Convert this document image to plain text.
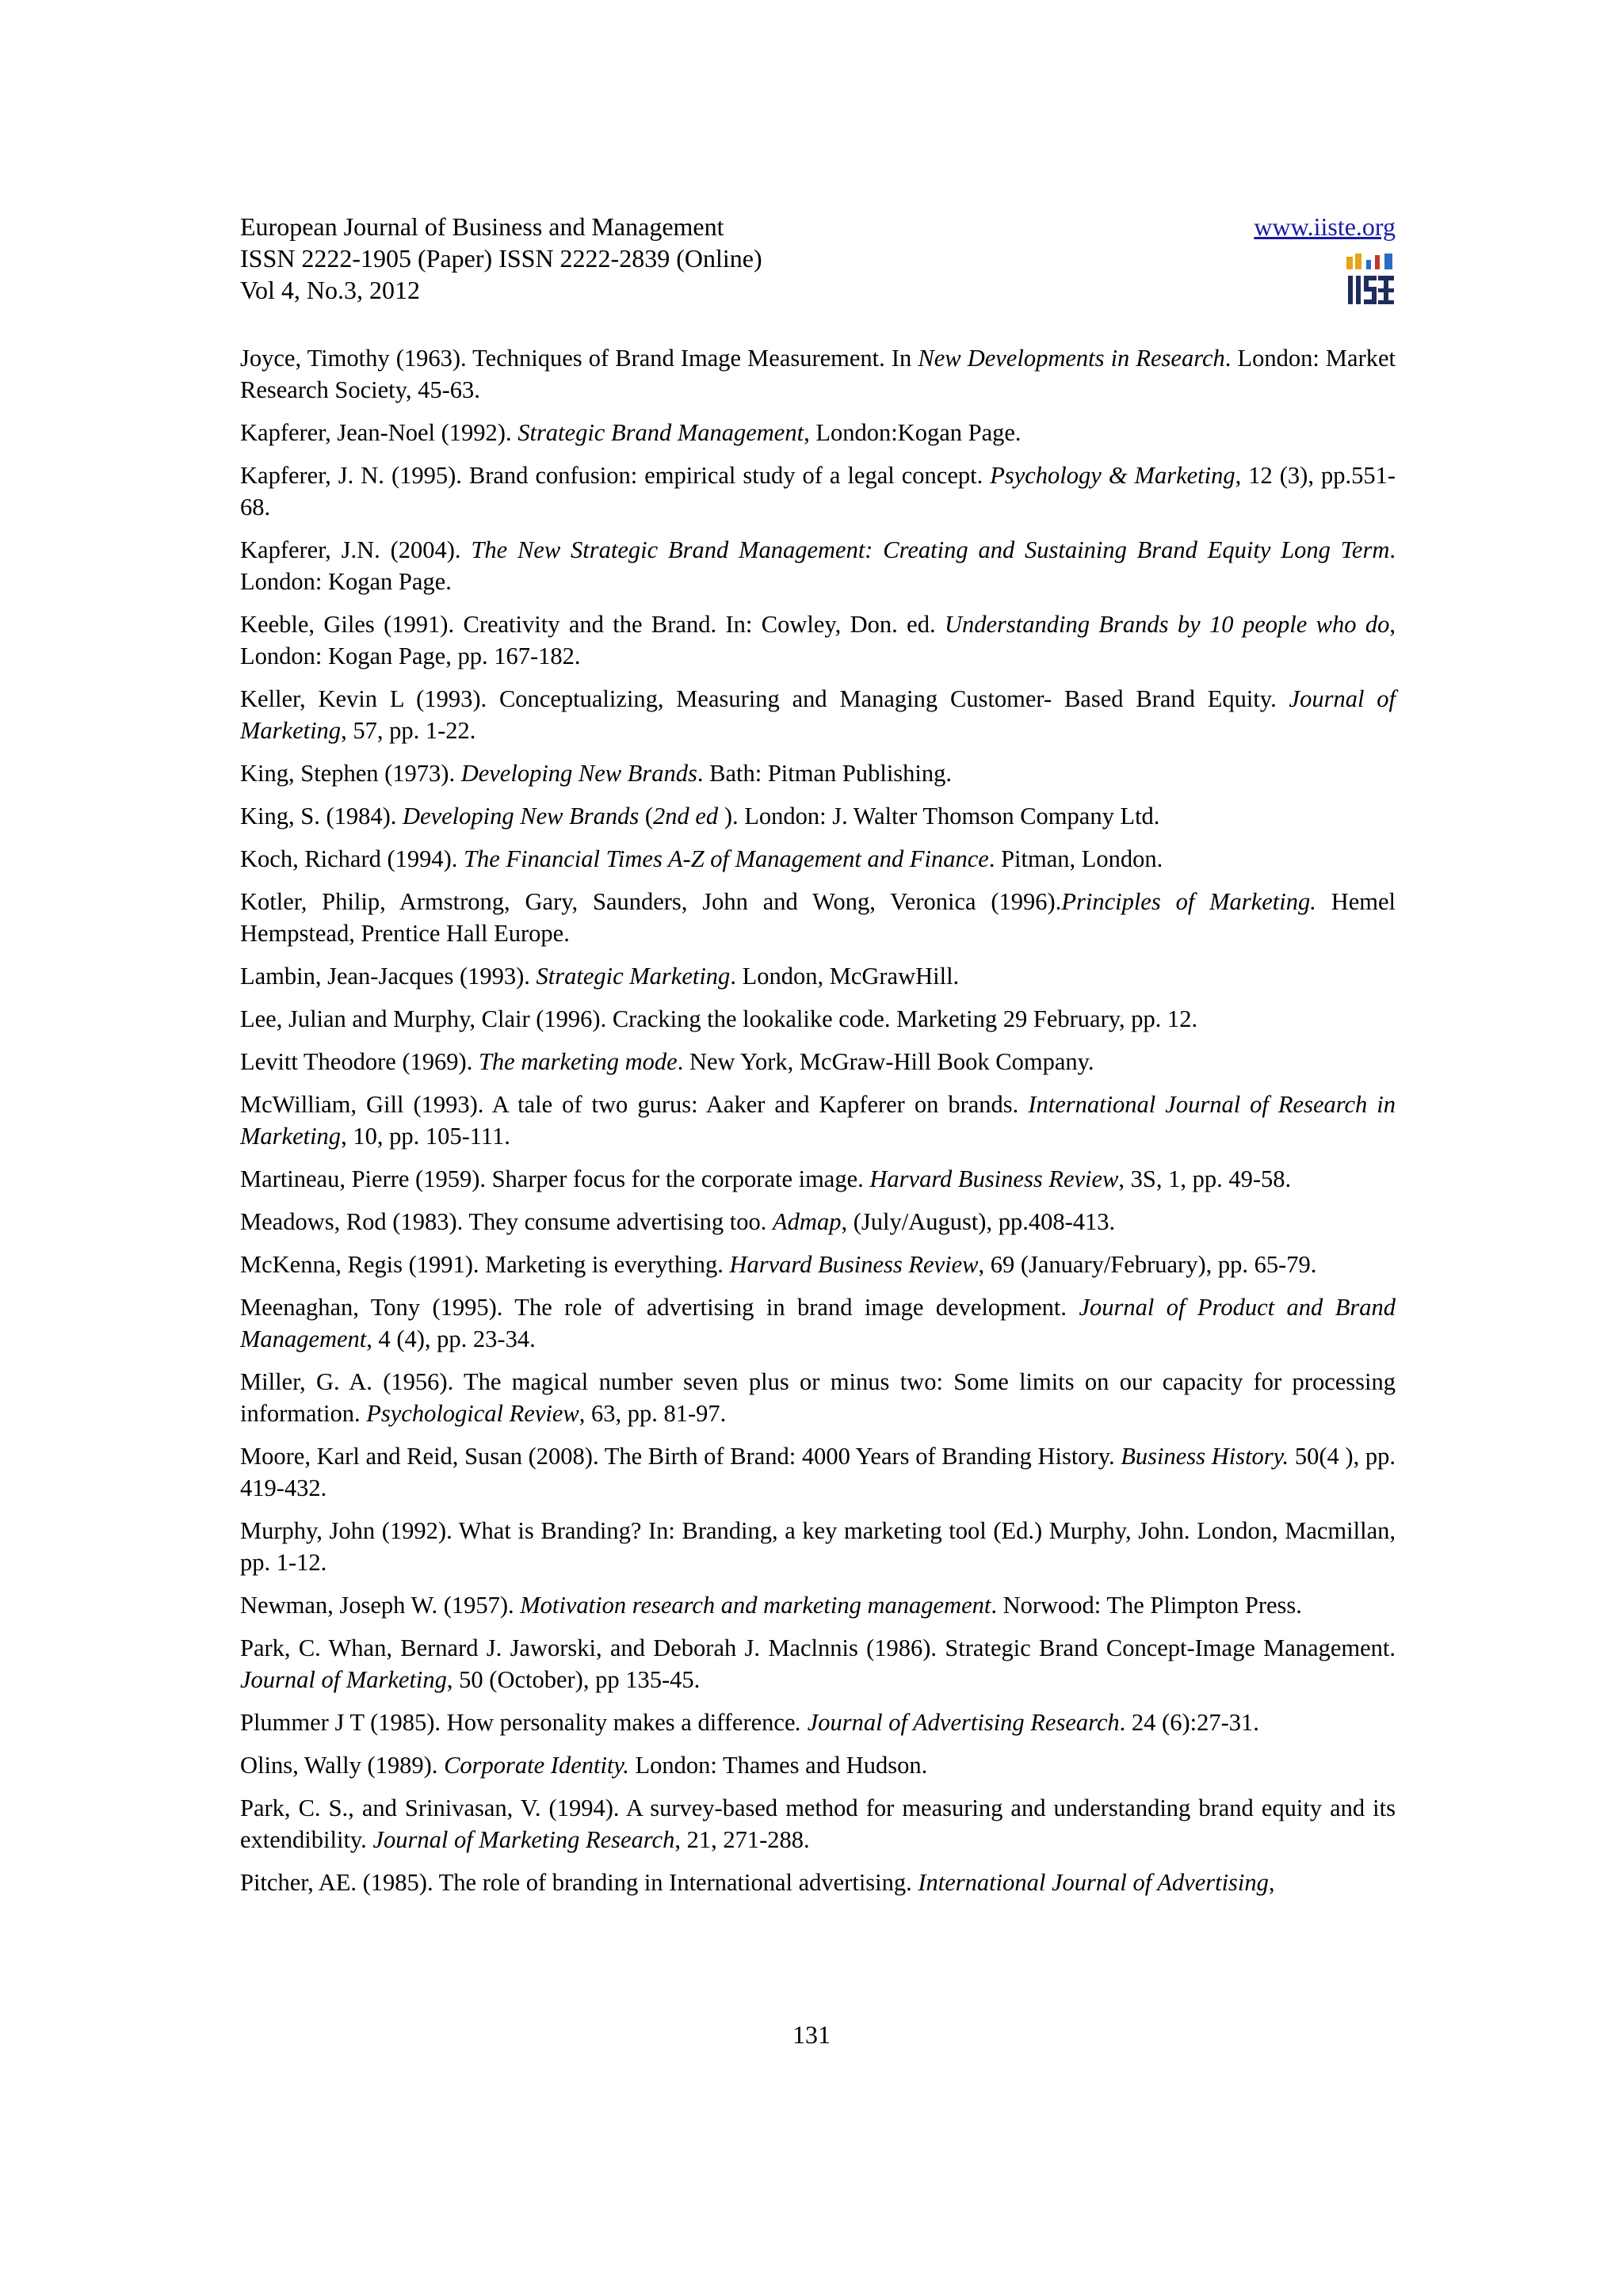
European Journal of Business and Management
ISSN 2222-1905 (Paper) ISSN 2222-2839 (Online)
Vol 4, No.3, 2012
www.iiste.org

Joyce, Timothy (1963). Techniques of Brand Image Measurement. In New Developments in Research. London: Market Research Society, 45-63.

Kapferer, Jean-Noel (1992). Strategic Brand Management, London:Kogan Page.

Kapferer, J. N. (1995). Brand confusion: empirical study of a legal concept. Psychology & Marketing, 12 (3), pp.551-68.

Kapferer, J.N. (2004). The New Strategic Brand Management: Creating and Sustaining Brand Equity Long Term. London: Kogan Page.

Keeble, Giles (1991). Creativity and the Brand. In: Cowley, Don. ed. Understanding Brands by 10 people who do, London: Kogan Page, pp. 167-182.

Keller, Kevin L (1993). Conceptualizing, Measuring and Managing Customer- Based Brand Equity. Journal of Marketing, 57, pp. 1-22.

King, Stephen (1973). Developing New Brands. Bath: Pitman Publishing.

King, S. (1984). Developing New Brands (2nd ed ). London: J. Walter Thomson Company Ltd.

Koch, Richard (1994). The Financial Times A-Z of Management and Finance. Pitman, London.

Kotler, Philip, Armstrong, Gary, Saunders, John and Wong, Veronica (1996).Principles of Marketing. Hemel Hempstead, Prentice Hall Europe.

Lambin, Jean-Jacques (1993). Strategic Marketing. London, McGrawHill.

Lee, Julian and Murphy, Clair (1996). Cracking the lookalike code. Marketing 29 February, pp. 12.

Levitt Theodore (1969). The marketing mode. New York, McGraw-Hill Book Company.

McWilliam, Gill (1993). A tale of two gurus: Aaker and Kapferer on brands. International Journal of Research in Marketing, 10, pp. 105-111.

Martineau, Pierre (1959). Sharper focus for the corporate image. Harvard Business Review, 3S, 1, pp. 49-58.

Meadows, Rod (1983). They consume advertising too. Admap, (July/August), pp.408-413.

McKenna, Regis (1991). Marketing is everything. Harvard Business Review, 69 (January/February), pp. 65-79.

Meenaghan, Tony (1995). The role of advertising in brand image development. Journal of Product and Brand Management, 4 (4), pp. 23-34.

Miller, G. A. (1956). The magical number seven plus or minus two: Some limits on our capacity for processing information. Psychological Review, 63, pp. 81-97.

Moore, Karl and Reid, Susan (2008). The Birth of Brand: 4000 Years of Branding History. Business History. 50(4 ), pp. 419-432.

Murphy, John (1992). What is Branding? In: Branding, a key marketing tool (Ed.) Murphy, John. London, Macmillan, pp. 1-12.

Newman, Joseph W. (1957). Motivation research and marketing management. Norwood: The Plimpton Press.

Park, C. Whan, Bernard J. Jaworski, and Deborah J. Maclnnis (1986). Strategic Brand Concept-Image Management. Journal of Marketing, 50 (October), pp 135-45.

Plummer J T (1985). How personality makes a difference. Journal of Advertising Research. 24 (6):27-31.

Olins, Wally (1989). Corporate Identity. London: Thames and Hudson.

Park, C. S., and Srinivasan, V. (1994). A survey-based method for measuring and understanding brand equity and its extendibility. Journal of Marketing Research, 21, 271-288.

Pitcher, AE. (1985). The role of branding in International advertising. International Journal of Advertising,

131
